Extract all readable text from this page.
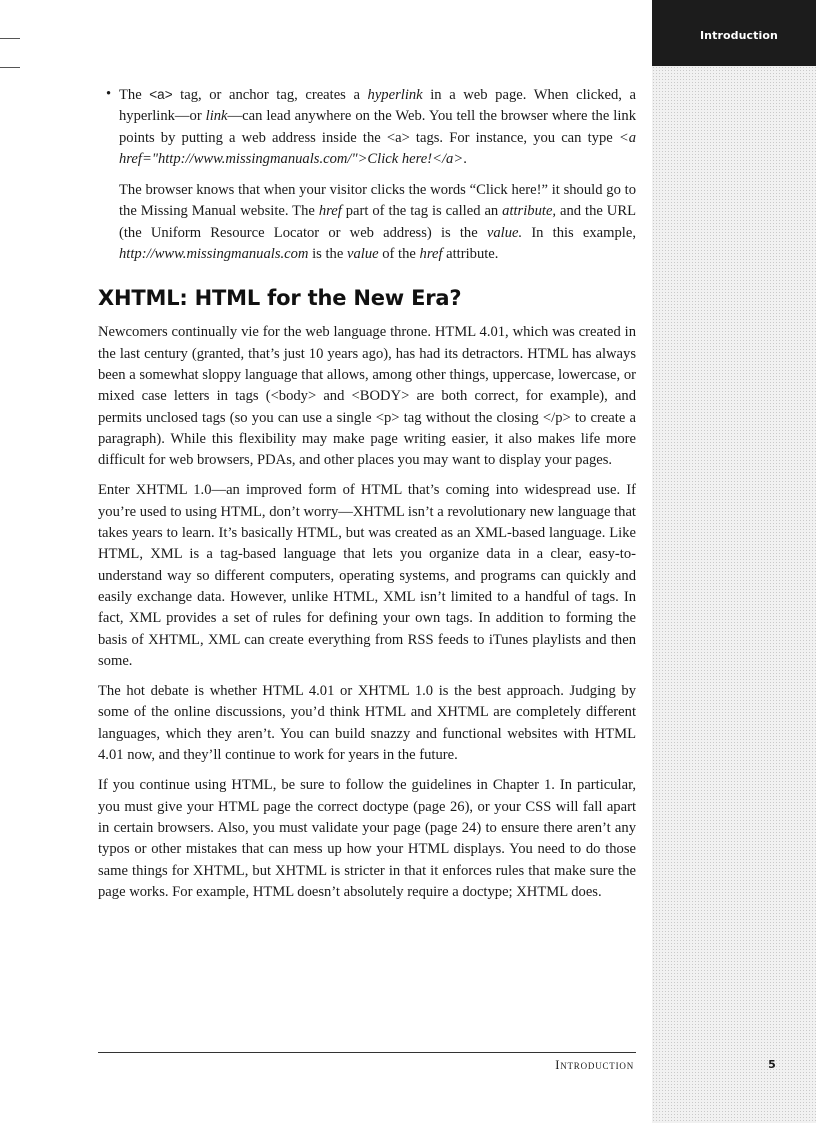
Introduction
• The <a> tag, or anchor tag, creates a hyperlink in a web page. When clicked, a hyperlink—or link—can lead anywhere on the Web. You tell the browser where the link points by putting a web address inside the <a> tags. For instance, you can type <a href="http://www.missingmanuals.com/">Click here!</a>.

The browser knows that when your visitor clicks the words “Click here!” it should go to the Missing Manual website. The href part of the tag is called an attribute, and the URL (the Uniform Resource Locator or web address) is the value. In this example, http://www.missingmanuals.com is the value of the href attribute.

XHTML: HTML for the New Era?

Newcomers continually vie for the web language throne. HTML 4.01, which was created in the last century (granted, that’s just 10 years ago), has had its detractors. HTML has always been a somewhat sloppy language that allows, among other things, uppercase, lowercase, or mixed case letters in tags (<body> and <BODY> are both correct, for example), and permits unclosed tags (so you can use a single <p> tag without the closing </p> to create a paragraph). While this flexibility may make page writing easier, it also makes life more difficult for web browsers, PDAs, and other places you may want to display your pages.

Enter XHTML 1.0—an improved form of HTML that’s coming into widespread use. If you’re used to using HTML, don’t worry—XHTML isn’t a revolutionary new language that takes years to learn. It’s basically HTML, but was created as an XML-based language. Like HTML, XML is a tag-based language that lets you organize data in a clear, easy-to-understand way so different computers, operating systems, and programs can quickly and easily exchange data. However, unlike HTML, XML isn’t limited to a handful of tags. In fact, XML provides a set of rules for defining your own tags. In addition to forming the basis of XHTML, XML can create everything from RSS feeds to iTunes playlists and then some.

The hot debate is whether HTML 4.01 or XHTML 1.0 is the best approach. Judging by some of the online discussions, you’d think HTML and XHTML are completely different languages, which they aren’t. You can build snazzy and functional websites with HTML 4.01 now, and they’ll continue to work for years in the future.

If you continue using HTML, be sure to follow the guidelines in Chapter 1. In particular, you must give your HTML page the correct doctype (page 26), or your CSS will fall apart in certain browsers. Also, you must validate your page (page 24) to ensure there aren’t any typos or other mistakes that can mess up how your HTML displays. You need to do those same things for XHTML, but XHTML is stricter in that it enforces rules that make sure the page works. For example, HTML doesn’t absolutely require a doctype; XHTML does.

Introduction	5
